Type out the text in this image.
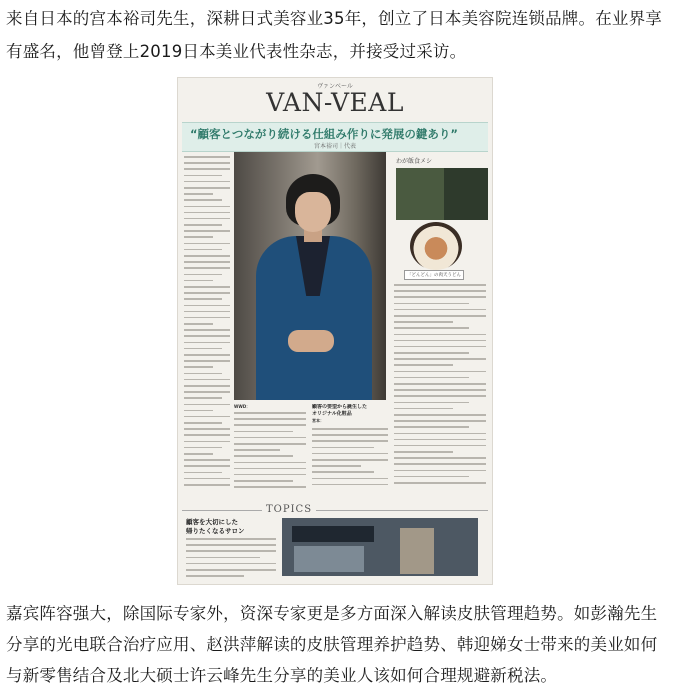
来自日本的宫本裕司先生，深耕日式美容业35年，创立了日本美容院连锁品牌。在业界享有盛名，他曾登上2019日本美业代表性杂志，并接受过采访。
ヴァンベール
VAN-VEAL
“顧客とつながり続ける仕組み作りに発展の鍵あり”
宮本裕司｜代表
わが飯食メシ
「どんどん」の肉天うどん
WWD：	顧客の要望から誕生した
オリジナル化粧品
宮本：
TOPICS
顧客を大切にした
帰りたくなるサロン
嘉宾阵容强大，除国际专家外，资深专家更是多方面深入解读皮肤管理趋势。如彭瀚先生分享的光电联合治疗应用、赵洪萍解读的皮肤管理养护趋势、韩迎娣女士带来的美业如何与新零售结合及北大硕士许云峰先生分享的美业人该如何合理规避新税法。
